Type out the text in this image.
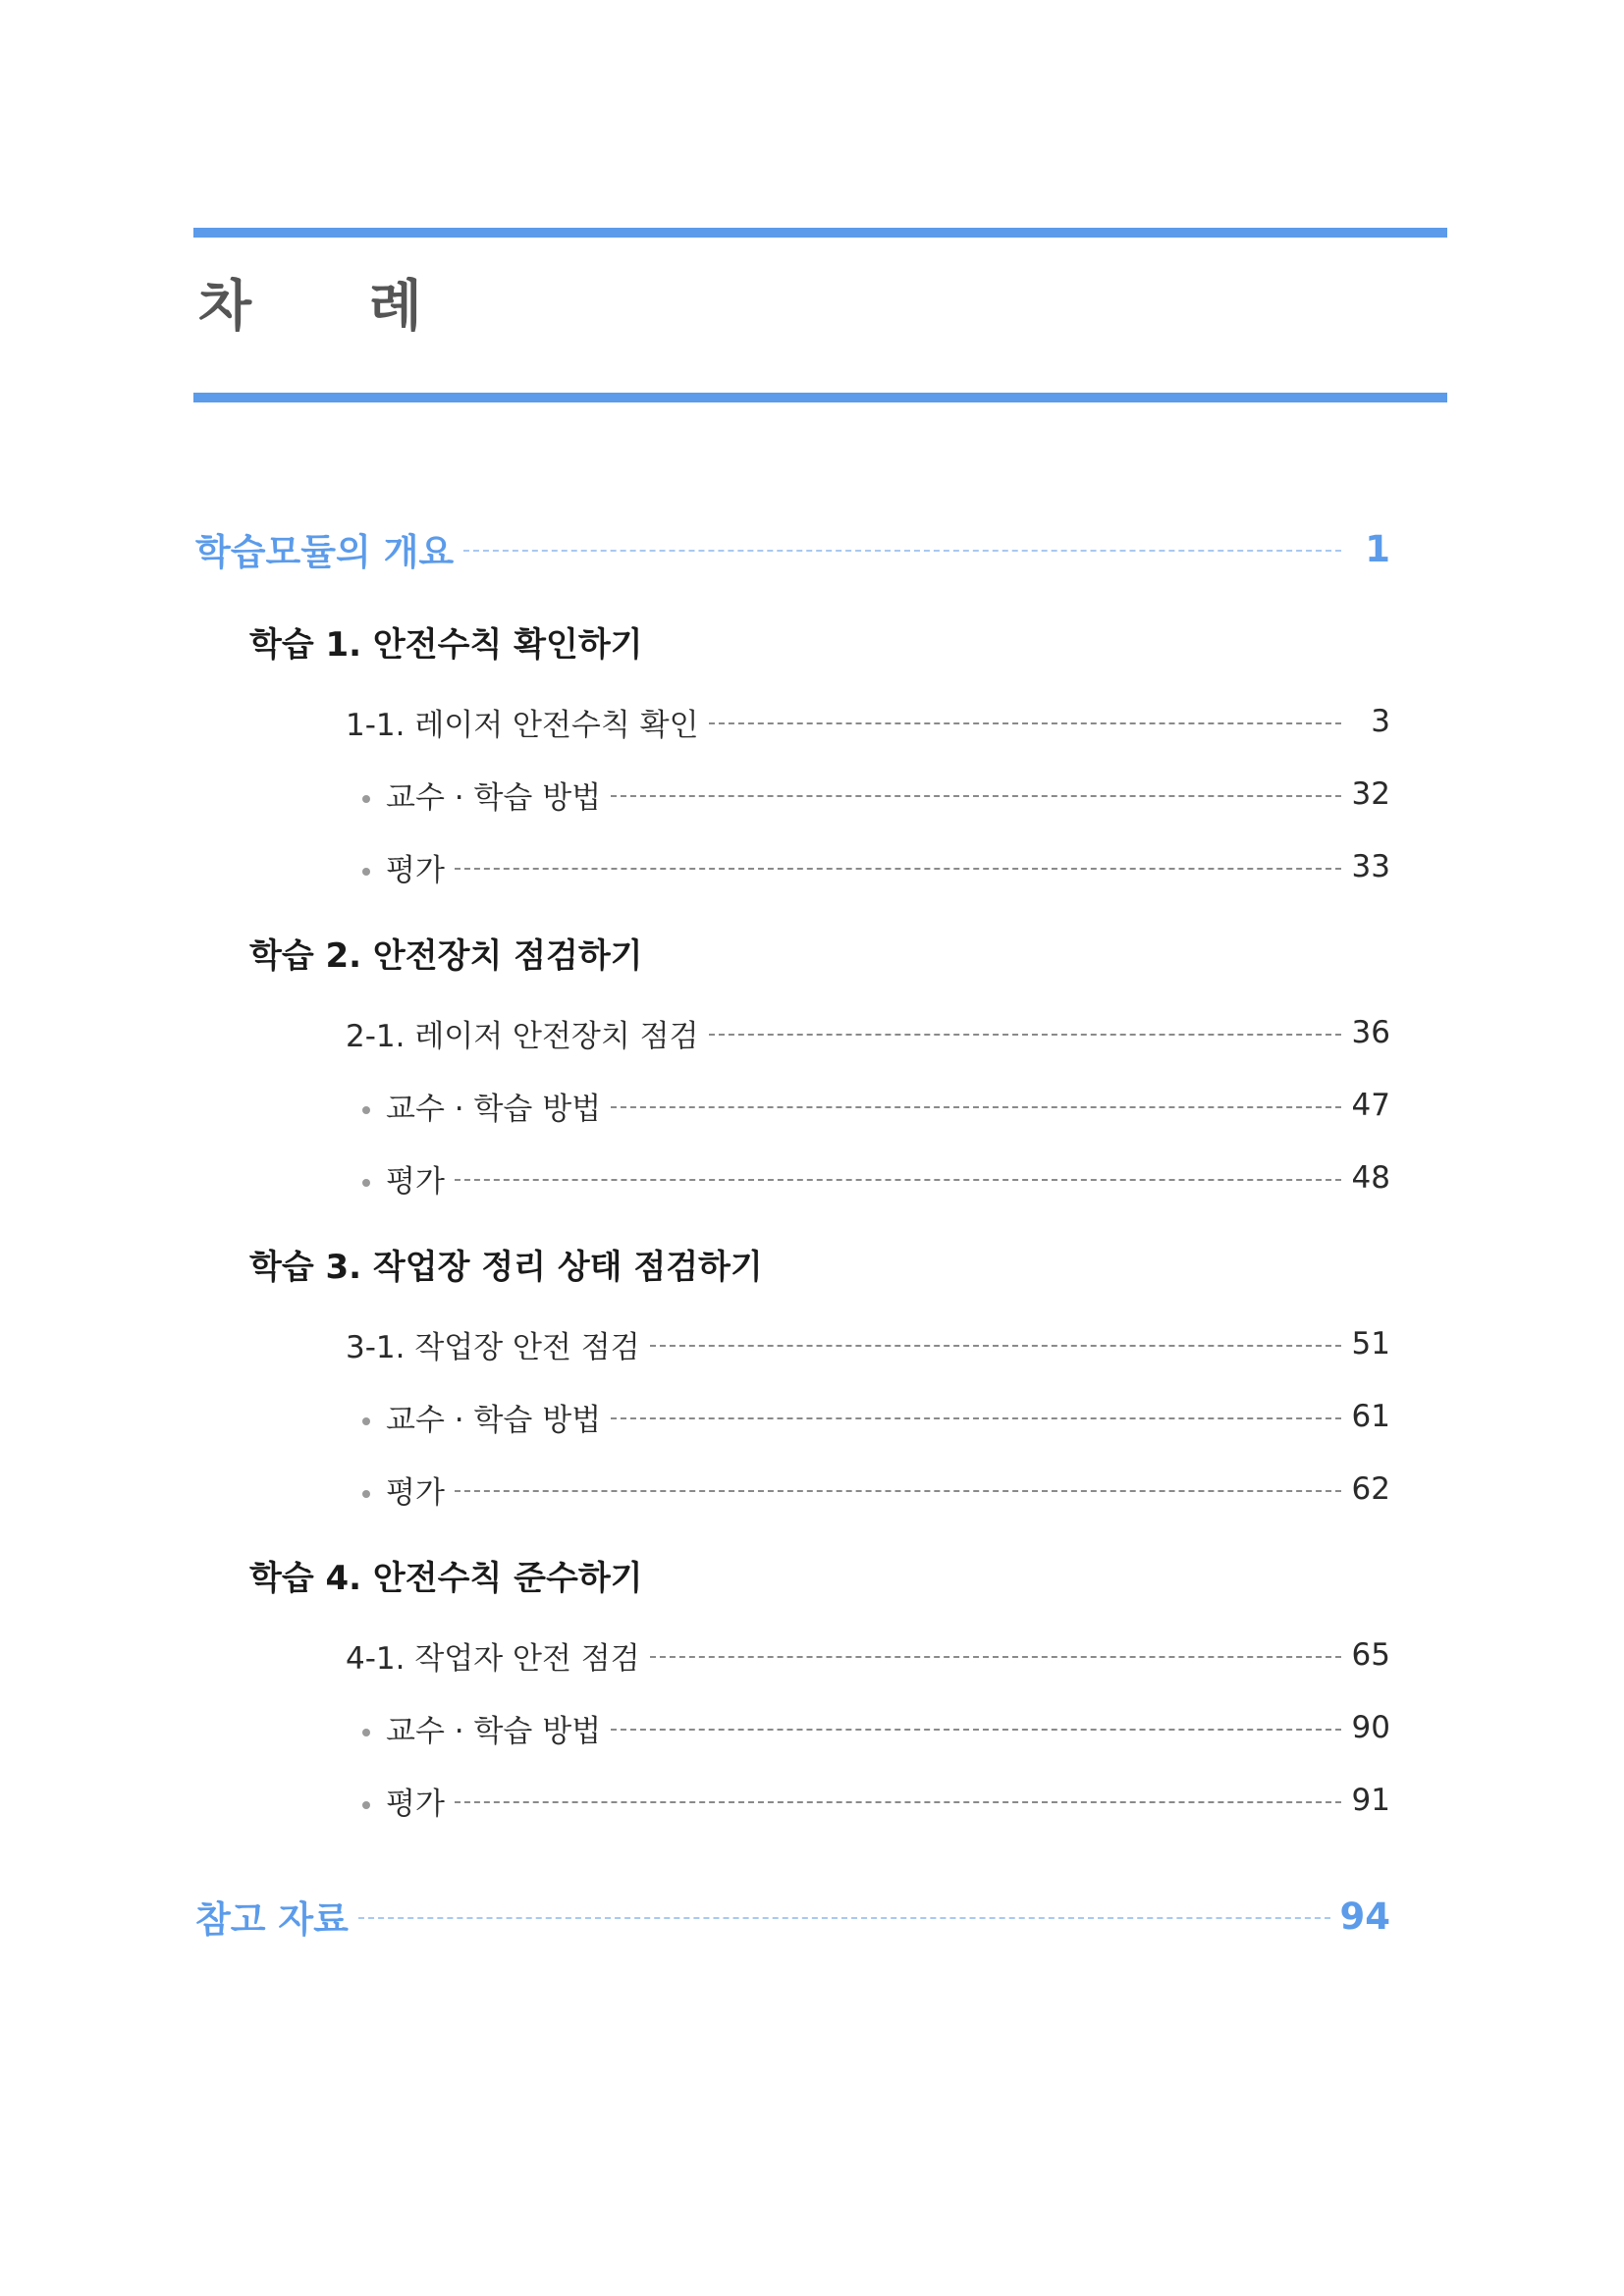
차 례
학습모듈의 개요	1
학습 1. 안전수칙 확인하기
1-1. 레이저 안전수칙 확인	3
교수 · 학습 방법	32
평가	33
학습 2. 안전장치 점검하기
2-1. 레이저 안전장치 점검	36
교수 · 학습 방법	47
평가	48
학습 3. 작업장 정리 상태 점검하기
3-1. 작업장 안전 점검	51
교수 · 학습 방법	61
평가	62
학습 4. 안전수칙 준수하기
4-1. 작업자 안전 점검	65
교수 · 학습 방법	90
평가	91
참고 자료	94
